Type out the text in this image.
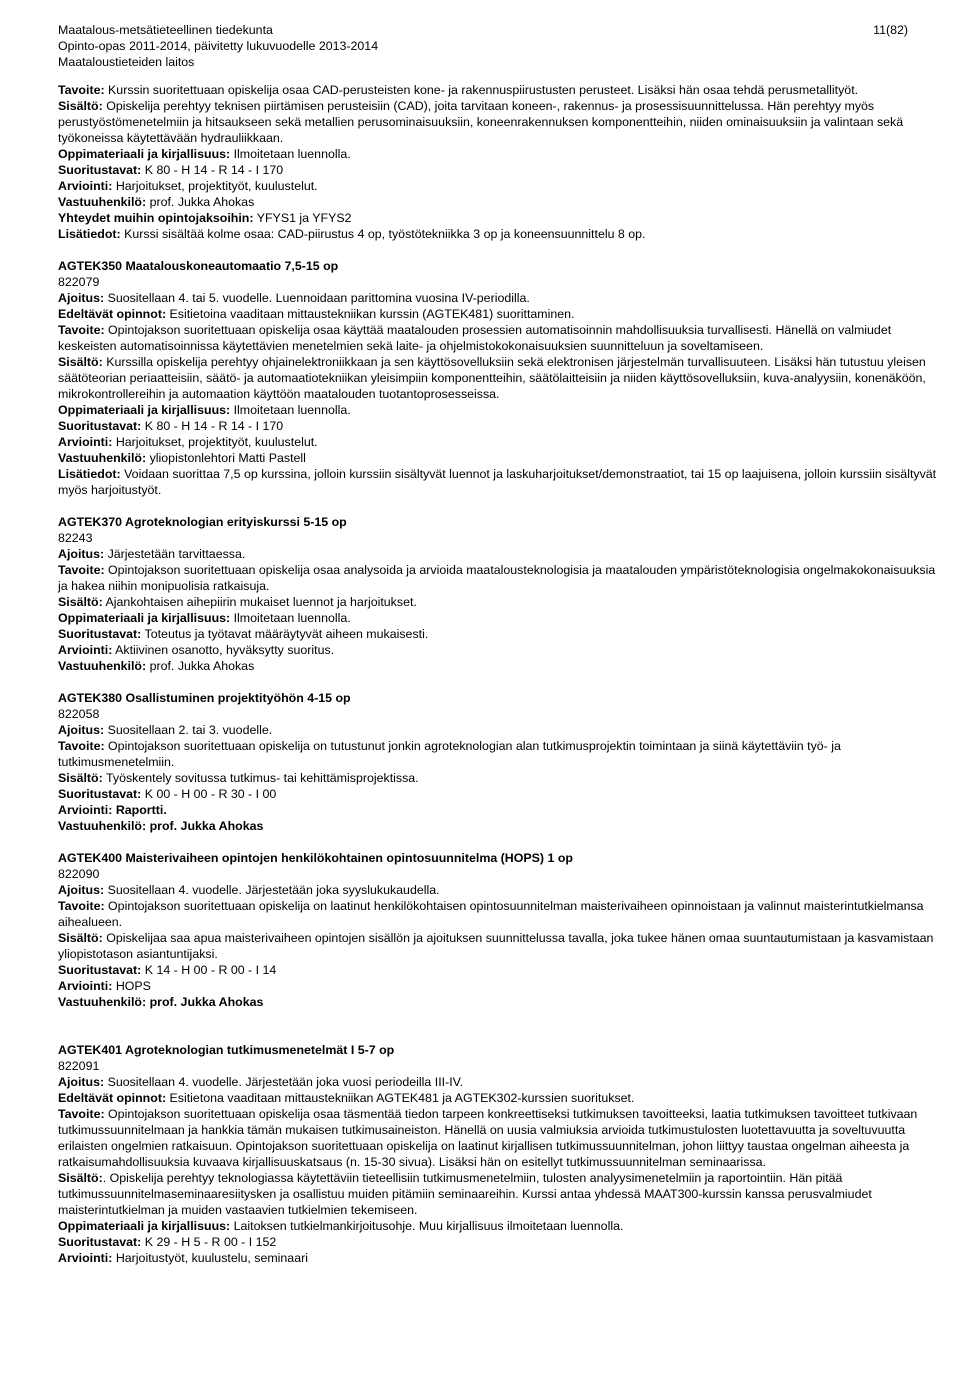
Maatalous-metsätieteellinen tiedekunta
Opinto-opas 2011-2014, päivitetty lukuvuodelle 2013-2014
Maataloustieteiden laitos
11(82)

Tavoite: Kurssin suoritettuaan opiskelija osaa CAD-perusteisten kone- ja rakennuspiirustusten perusteet. Lisäksi hän osaa tehdä perusmetallityöt.

Sisältö: Opiskelija perehtyy teknisen piirtämisen perusteisiin (CAD), joita tarvitaan koneen-, rakennus- ja prosessisuunnittelussa. Hän perehtyy myös perustyöstömenetelmiin ja hitsaukseen sekä metallien perusominaisuuksiin, koneenrakennuksen komponentteihin, niiden ominaisuuksiin ja valintaan sekä työkoneissa käytettävään hydrauliikkaan.

Oppimateriaali ja kirjallisuus: Ilmoitetaan luennolla.

Suoritustavat: K 80 - H 14 - R 14 - I 170

Arviointi: Harjoitukset, projektityöt, kuulustelut.

Vastuuhenkilö: prof. Jukka Ahokas

Yhteydet muihin opintojaksoihin: YFYS1 ja YFYS2

Lisätiedot: Kurssi sisältää kolme osaa: CAD-piirustus 4 op, työstötekniikka 3 op ja koneensuunnittelu 8 op.

AGTEK350 Maatalouskoneautomaatio 7,5-15 op

822079

Ajoitus: Suositellaan 4. tai 5. vuodelle. Luennoidaan parittomina vuosina IV-periodilla.

Edeltävät opinnot: Esitietoina vaaditaan mittaustekniikan kurssin (AGTEK481) suorittaminen.

Tavoite: Opintojakson suoritettuaan opiskelija osaa käyttää maatalouden prosessien automatisoinnin mahdollisuuksia turvallisesti. Hänellä on valmiudet keskeisten automatisoinnissa käytettävien menetelmien sekä laite- ja ohjelmistokokonaisuuksien suunnitteluun ja soveltamiseen.

Sisältö: Kurssilla opiskelija perehtyy ohjainelektroniikkaan ja sen käyttösovelluksiin sekä elektronisen järjestelmän turvallisuuteen. Lisäksi hän tutustuu yleisen säätöteorian periaatteisiin, säätö- ja automaatiotekniikan yleisimpiin komponentteihin, säätölaitteisiin ja niiden käyttösovelluksiin, kuva-analyysiin, konenäköön, mikrokontrollereihin ja automaation käyttöön maatalouden tuotantoprosesseissa.

Oppimateriaali ja kirjallisuus: Ilmoitetaan luennolla.

Suoritustavat: K 80 - H 14 - R 14 - I 170

Arviointi: Harjoitukset, projektityöt, kuulustelut.

Vastuuhenkilö: yliopistonlehtori Matti Pastell

Lisätiedot: Voidaan suorittaa 7,5 op kurssina, jolloin kurssiin sisältyvät luennot ja laskuharjoitukset/demonstraatiot, tai 15 op laajuisena, jolloin kurssiin sisältyvät myös harjoitustyöt.

AGTEK370 Agroteknologian erityiskurssi 5-15 op

82243

Ajoitus: Järjestetään tarvittaessa.

Tavoite: Opintojakson suoritettuaan opiskelija osaa analysoida ja arvioida maatalousteknologisia ja maatalouden ympäristöteknologisia ongelmakokonaisuuksia ja hakea niihin monipuolisia ratkaisuja.

Sisältö: Ajankohtaisen aihepiirin mukaiset luennot ja harjoitukset.

Oppimateriaali ja kirjallisuus: Ilmoitetaan luennolla.

Suoritustavat: Toteutus ja työtavat määräytyvät aiheen mukaisesti.

Arviointi: Aktiivinen osanotto, hyväksytty suoritus.

Vastuuhenkilö: prof. Jukka Ahokas

AGTEK380 Osallistuminen projektityöhön 4-15 op

822058

Ajoitus: Suositellaan 2. tai 3. vuodelle.

Tavoite: Opintojakson suoritettuaan opiskelija on tutustunut jonkin agroteknologian alan tutkimusprojektin toimintaan ja siinä käytettäviin työ- ja tutkimusmenetelmiin.

Sisältö: Työskentely sovitussa tutkimus- tai kehittämisprojektissa.

Suoritustavat: K 00 - H 00 - R 30 - I 00

Arviointi: Raportti.

Vastuuhenkilö: prof. Jukka Ahokas

AGTEK400 Maisterivaiheen opintojen henkilökohtainen opintosuunnitelma (HOPS) 1 op

822090

Ajoitus: Suositellaan 4. vuodelle. Järjestetään joka syyslukukaudella.

Tavoite: Opintojakson suoritettuaan opiskelija on laatinut henkilökohtaisen opintosuunnitelman maisterivaiheen opinnoistaan ja valinnut maisterintutkielmansa aihealueen.

Sisältö: Opiskelijaa saa apua maisterivaiheen opintojen sisällön ja ajoituksen suunnittelussa tavalla, joka tukee hänen omaa suuntautumistaan ja kasvamistaan yliopistotason asiantuntijaksi.

Suoritustavat: K 14 - H 00 - R 00 - I 14

Arviointi: HOPS

Vastuuhenkilö: prof. Jukka Ahokas

AGTEK401 Agroteknologian tutkimusmenetelmät I 5-7 op

822091

Ajoitus: Suositellaan 4. vuodelle. Järjestetään joka vuosi periodeilla III-IV.

Edeltävät opinnot: Esitietona vaaditaan mittaustekniikan AGTEK481 ja AGTEK302-kurssien suoritukset.

Tavoite: Opintojakson suoritettuaan opiskelija osaa täsmentää tiedon tarpeen konkreettiseksi tutkimuksen tavoitteeksi, laatia tutkimuksen tavoitteet tutkivaan tutkimussuunnitelmaan ja hankkia tämän mukaisen tutkimusaineiston. Hänellä on uusia valmiuksia arvioida tutkimustulosten luotettavuutta ja soveltuvuutta erilaisten ongelmien ratkaisuun. Opintojakson suoritettuaan opiskelija on laatinut kirjallisen tutkimussuunnitelman, johon liittyy taustaa ongelman aiheesta ja ratkaisumahdollisuuksia kuvaava kirjallisuuskatsaus (n. 15-30 sivua). Lisäksi hän on esitellyt tutkimussuunnitelman seminaarissa.

Sisältö:. Opiskelija perehtyy teknologiassa käytettäviin tieteellisiin tutkimusmenetelmiin, tulosten analyysimenetelmiin ja raportointiin. Hän pitää tutkimussuunnitelmaseminaaresiitysken ja osallistuu muiden pitämiin seminaareihin. Kurssi antaa yhdessä MAAT300-kurssin kanssa perusvalmiudet maisterintutkielman ja muiden vastaavien tutkielmien tekemiseen.

Oppimateriaali ja kirjallisuus: Laitoksen tutkielmankirjoitusohje. Muu kirjallisuus ilmoitetaan luennolla.

Suoritustavat: K 29 - H 5 - R 00 - I 152

Arviointi: Harjoitustyöt, kuulustelu, seminaari
